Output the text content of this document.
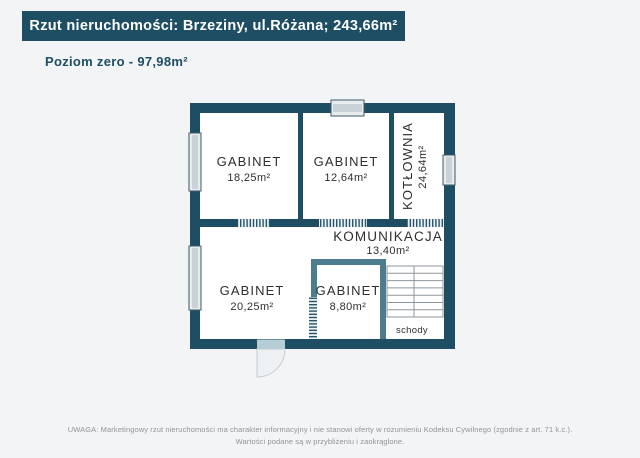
Rzut nieruchomości: Brzeziny, ul.Różana; 243,66m²
Poziom zero - 97,98m²
GABINET
18,25m²
GABINET
12,64m² KOTŁOWNIA 24,64m²
KOMUNIKACJA
13,40m²
GABINET
20,25m²
GABINET
8,80m²
schody
UWAGA: Marketingowy rzut nieruchomości ma charakter informacyjny i nie stanowi oferty w rozumieniu Kodeksu Cywilnego (zgodnie z art. 71 k.c.).
Wartości podane są w przybliżeniu i zaokrąglone.
